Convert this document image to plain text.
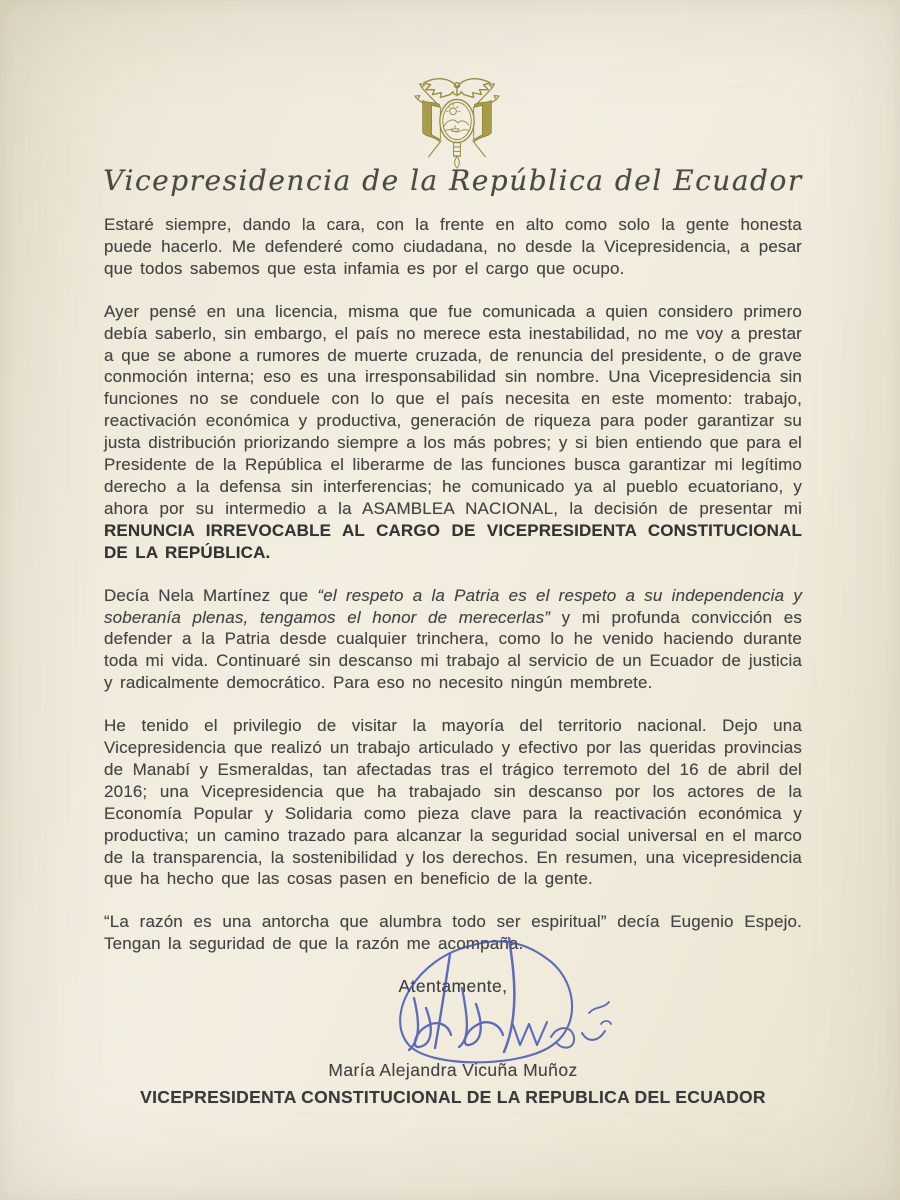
Vicepresidencia de la República del Ecuador

Estaré siempre, dando la cara, con la frente en alto como solo la gente honesta puede hacerlo. Me defenderé como ciudadana, no desde la Vicepresidencia, a pesar que todos sabemos que esta infamia es por el cargo que ocupo.

Ayer pensé en una licencia, misma que fue comunicada a quien considero primero debía saberlo, sin embargo, el país no merece esta inestabilidad, no me voy a prestar a que se abone a rumores de muerte cruzada, de renuncia del presidente, o de grave conmoción interna; eso es una irresponsabilidad sin nombre. Una Vicepresidencia sin funciones no se conduele con lo que el país necesita en este momento: trabajo, reactivación económica y productiva, generación de riqueza para poder garantizar su justa distribución priorizando siempre a los más pobres; y si bien entiendo que para el Presidente de la República el liberarme de las funciones busca garantizar mi legítimo derecho a la defensa sin interferencias; he comunicado ya al pueblo ecuatoriano, y ahora por su intermedio a la ASAMBLEA NACIONAL, la decisión de presentar mi RENUNCIA IRREVOCABLE AL CARGO DE VICEPRESIDENTA CONSTITUCIONAL DE LA REPÚBLICA.

Decía Nela Martínez que “el respeto a la Patria es el respeto a su independencia y soberanía plenas, tengamos el honor de merecerlas” y mi profunda convicción es defender a la Patria desde cualquier trinchera, como lo he venido haciendo durante toda mi vida. Continuaré sin descanso mi trabajo al servicio de un Ecuador de justicia y radicalmente democrático. Para eso no necesito ningún membrete.

He tenido el privilegio de visitar la mayoría del territorio nacional. Dejo una Vicepresidencia que realizó un trabajo articulado y efectivo por las queridas provincias de Manabí y Esmeraldas, tan afectadas tras el trágico terremoto del 16 de abril del 2016; una Vicepresidencia que ha trabajado sin descanso por los actores de la Economía Popular y Solidaria como pieza clave para la reactivación económica y productiva; un camino trazado para alcanzar la seguridad social universal en el marco de la transparencia, la sostenibilidad y los derechos. En resumen, una vicepresidencia que ha hecho que las cosas pasen en beneficio de la gente.

“La razón es una antorcha que alumbra todo ser espiritual” decía Eugenio Espejo. Tengan la seguridad de que la razón me acompaña.

Atentamente,
María Alejandra Vicuña Muñoz
VICEPRESIDENTA CONSTITUCIONAL DE LA REPUBLICA DEL ECUADOR
